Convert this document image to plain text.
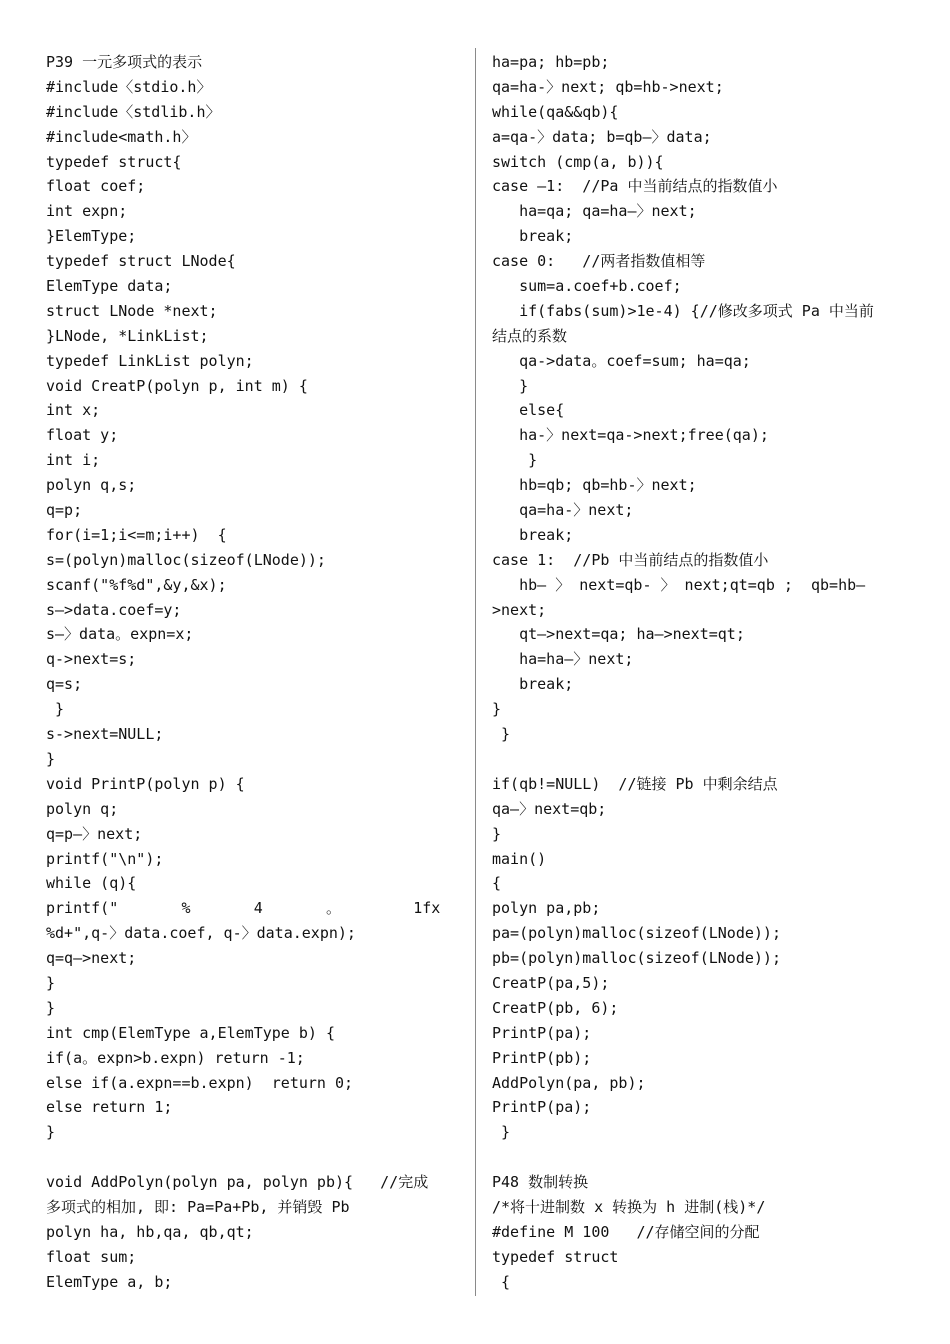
P39 一元多项式的表示
#include〈stdio.h〉
#include〈stdlib.h〉
#include<math.h〉
typedef struct{
float coef;
int expn;
}ElemType;
typedef struct LNode{
ElemType data;
struct LNode *next;
}LNode, *LinkList;
typedef LinkList polyn;
void CreatP(polyn p, int m) {
int x;
float y;
int i;
polyn q,s;
q=p;
for(i=1;i<=m;i++)  {
s=(polyn)malloc(sizeof(LNode));
scanf("%f%d",&y,&x);
s—>data.coef=y;
s—〉data。expn=x;
q->next=s;
q=s;
}
s->next=NULL;
}
void PrintP(polyn p) {
polyn q;
q=p—〉next;
printf("\n");
while (q){
printf("       %       4       。        1fx
%d+",q-〉data.coef, q-〉data.expn);
q=q—>next;
}
}
int cmp(ElemType a,ElemType b) {
if(a。expn>b.expn) return -1;
else if(a.expn==b.expn)  return 0;
else return 1;
}
void AddPolyn(polyn pa, polyn pb){   //完成
多项式的相加, 即: Pa=Pa+Pb, 并销毁 Pb
polyn ha, hb,qa, qb,qt;
float sum;
ElemType a, b;
ha=pa; hb=pb;
qa=ha-〉next; qb=hb->next;
while(qa&&qb){
a=qa-〉data; b=qb—〉data;
switch (cmp(a, b)){
case —1:  //Pa 中当前结点的指数值小
ha=qa; qa=ha—〉next;
break;
case 0:   //两者指数值相等
sum=a.coef+b.coef;
if(fabs(sum)>1e-4) {//修改多项式 Pa 中当前
结点的系数
qa->data。coef=sum; ha=qa;
}
else{
ha-〉next=qa->next;free(qa);
}
hb=qb; qb=hb-〉next;
qa=ha-〉next;
break;
case 1:  //Pb 中当前结点的指数值小
hb— 〉 next=qb- 〉 next;qt=qb ;  qb=hb—
>next;
qt—>next=qa; ha—>next=qt;
ha=ha—〉next;
break;
}
}
if(qb!=NULL)  //链接 Pb 中剩余结点
qa—〉next=qb;
}
main()
{
polyn pa,pb;
pa=(polyn)malloc(sizeof(LNode));
pb=(polyn)malloc(sizeof(LNode));
CreatP(pa,5);
CreatP(pb, 6);
PrintP(pa);
PrintP(pb);
AddPolyn(pa, pb);
PrintP(pa);
}
P48 数制转换
/*将十进制数 x 转换为 h 进制(栈)*/
#define M 100   //存储空间的分配
typedef struct
{
